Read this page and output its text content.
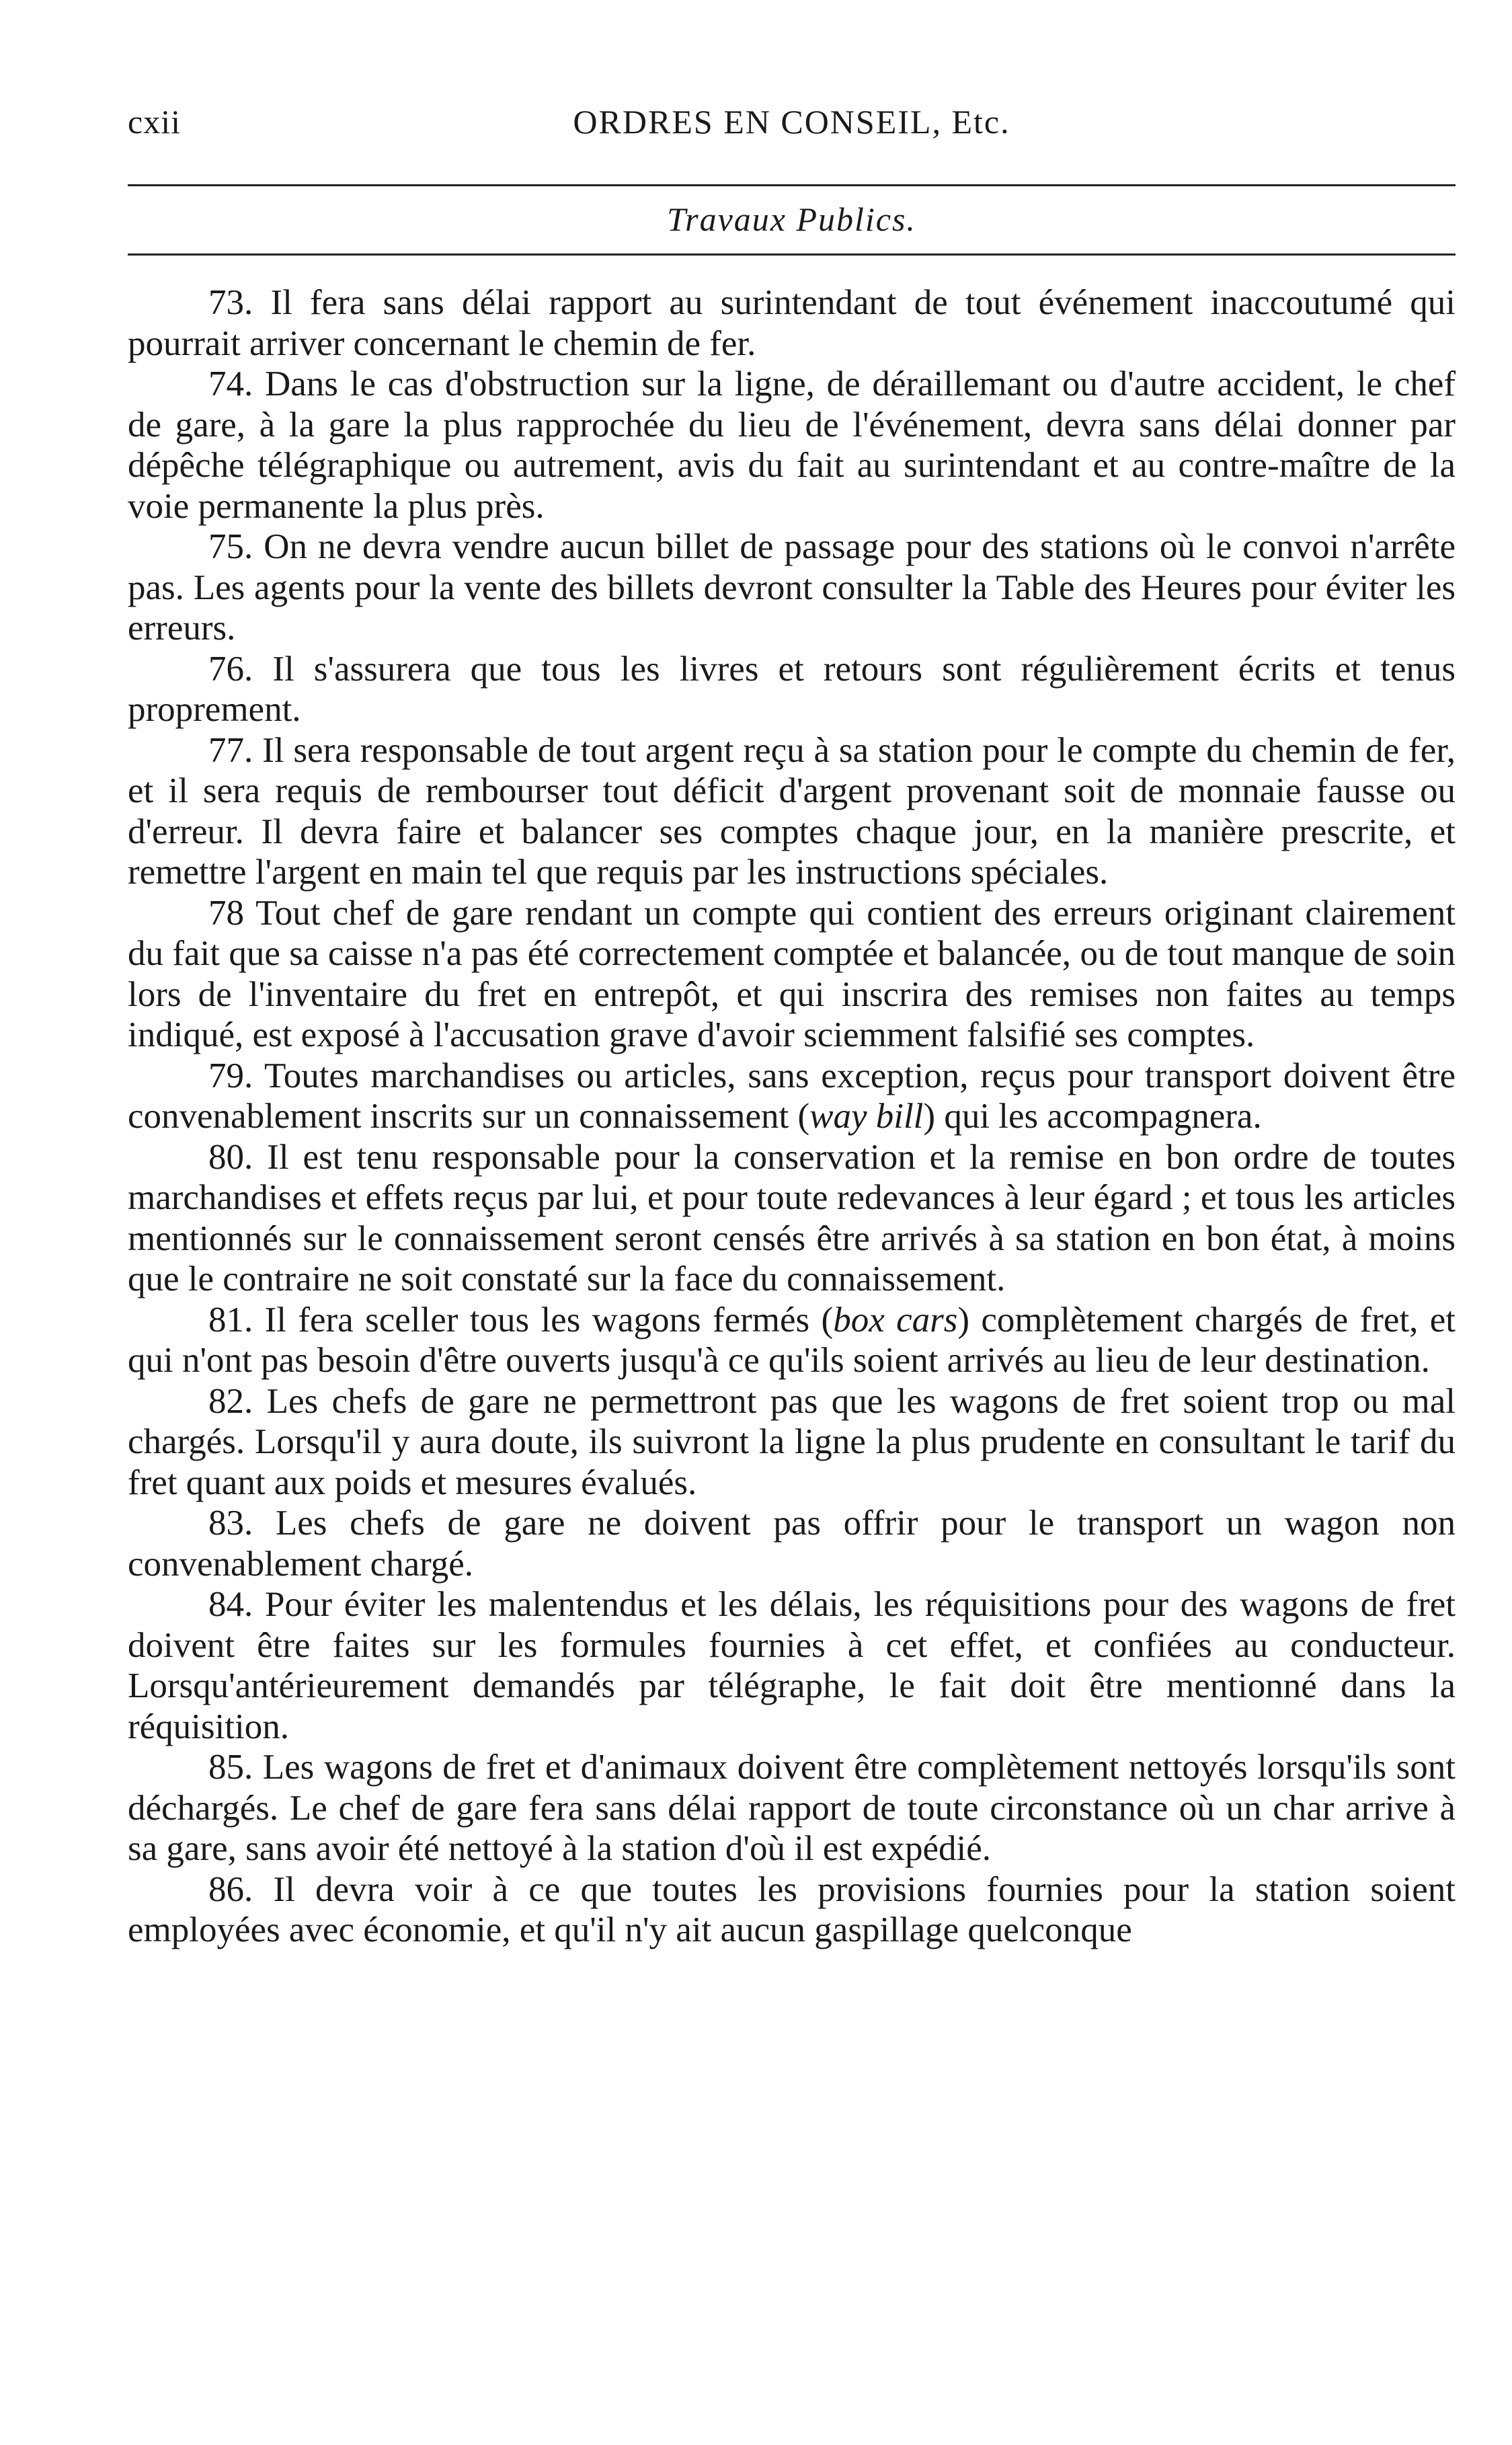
cxii	ORDRES EN CONSEIL, Etc.
Travaux Publics.

73. Il fera sans délai rapport au surintendant de tout événement inaccoutumé qui pourrait arriver concernant le chemin de fer.

74. Dans le cas d'obstruction sur la ligne, de déraillemant ou d'autre accident, le chef de gare, à la gare la plus rapprochée du lieu de l'événement, devra sans délai donner par dépêche télégraphique ou autrement, avis du fait au surintendant et au contre-maître de la voie permanente la plus près.

75. On ne devra vendre aucun billet de passage pour des stations où le convoi n'arrête pas. Les agents pour la vente des billets devront consulter la Table des Heures pour éviter les erreurs.

76. Il s'assurera que tous les livres et retours sont régulièrement écrits et tenus proprement.

77. Il sera responsable de tout argent reçu à sa station pour le compte du chemin de fer, et il sera requis de rembourser tout déficit d'argent provenant soit de monnaie fausse ou d'erreur. Il devra faire et balancer ses comptes chaque jour, en la manière prescrite, et remettre l'argent en main tel que requis par les instructions spéciales.

78 Tout chef de gare rendant un compte qui contient des erreurs originant clairement du fait que sa caisse n'a pas été correctement comptée et balancée, ou de tout manque de soin lors de l'inventaire du fret en entrepôt, et qui inscrira des remises non faites au temps indiqué, est exposé à l'accusation grave d'avoir sciemment falsifié ses comptes.

79. Toutes marchandises ou articles, sans exception, reçus pour transport doivent être convenablement inscrits sur un connaissement ( way bill ) qui les accompagnera.

80. Il est tenu responsable pour la conservation et la remise en bon ordre de toutes marchandises et effets reçus par lui, et pour toute redevances à leur égard ; et tous les articles mentionnés sur le connaissement seront censés être arrivés à sa station en bon état, à moins que le contraire ne soit constaté sur la face du connaissement.

81. Il fera sceller tous les wagons fermés ( box cars ) complètement chargés de fret, et qui n'ont pas besoin d'être ouverts jusqu'à ce qu'ils soient arrivés au lieu de leur destination.

82. Les chefs de gare ne permettront pas que les wagons de fret soient trop ou mal chargés. Lorsqu'il y aura doute, ils suivront la ligne la plus prudente en consultant le tarif du fret quant aux poids et mesures évalués.

83. Les chefs de gare ne doivent pas offrir pour le transport un wagon non convenablement chargé.

84. Pour éviter les malentendus et les délais, les réquisitions pour des wagons de fret doivent être faites sur les formules fournies à cet effet, et confiées au conducteur. Lorsqu'antérieurement demandés par télégraphe, le fait doit être mentionné dans la réquisition.

85. Les wagons de fret et d'animaux doivent être complètement nettoyés lorsqu'ils sont déchargés. Le chef de gare fera sans délai rapport de toute circonstance où un char arrive à sa gare, sans avoir été nettoyé à la station d'où il est expédié.

86. Il devra voir à ce que toutes les provisions fournies pour la station soient employées avec économie, et qu'il n'y ait aucun gaspillage quelconque
